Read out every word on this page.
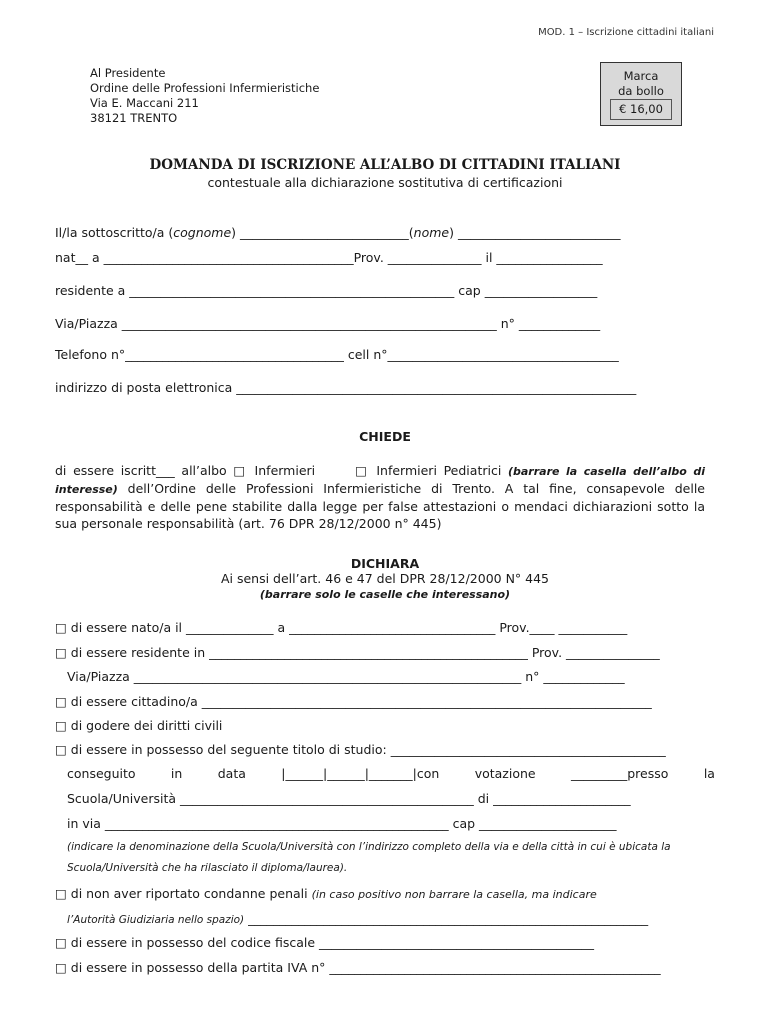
MOD. 1 – Iscrizione cittadini italiani
Al Presidente
Ordine delle Professioni Infermieristiche
Via E. Maccani 211
38121 TRENTO
Marca
da bollo
€ 16,00
DOMANDA DI ISCRIZIONE ALL’ALBO DI CITTADINI ITALIANI
contestuale alla dichiarazione sostitutiva di certificazioni
Il/la sottoscritto/a (cognome) ___________________________(nome) __________________________
nat__ a ________________________________________Prov. _______________ il _________________
residente a ____________________________________________________ cap __________________
Via/Piazza ____________________________________________________________ n° _____________
Telefono n°___________________________________ cell n°_____________________________________
indirizzo di posta elettronica ________________________________________________________________
CHIEDE
di essere iscritt___ all’albo □ Infermieri	□ Infermieri Pediatrici (barrare la casella dell’albo di interesse) dell’Ordine delle Professioni Infermieristiche di Trento. A tal fine, consapevole delle responsabilità e delle pene stabilite dalla legge per false attestazioni o mendaci dichiarazioni sotto la sua personale responsabilità (art. 76 DPR 28/12/2000 n° 445)
DICHIARA
Ai sensi dell’art. 46 e 47 del DPR 28/12/2000 N° 445
(barrare solo le caselle che interessano)
□ di essere nato/a il ______________ a _________________________________ Prov.____ ___________
□ di essere residente in ___________________________________________________ Prov. _______________
Via/Piazza ______________________________________________________________ n° _____________
□ di essere cittadino/a ________________________________________________________________________
□ di godere dei diritti civili
□ di essere in possesso del seguente titolo di studio: ____________________________________________
conseguito	in	data	|______|______|_______|con	votazione	_________presso	la
Scuola/Università _______________________________________________ di ______________________
in via _______________________________________________________ cap ______________________
(indicare la denominazione della Scuola/Università con l’indirizzo completo della via e della città in cui è ubicata la Scuola/Università che ha rilasciato il diploma/laurea).
□ di non aver riportato condanne penali (in caso positivo non barrare la casella, ma indicare
l’Autorità Giudiziaria nello spazio) ________________________________________________________________
□ di essere in possesso del codice fiscale ____________________________________________
□ di essere in possesso della partita IVA n° _____________________________________________________
